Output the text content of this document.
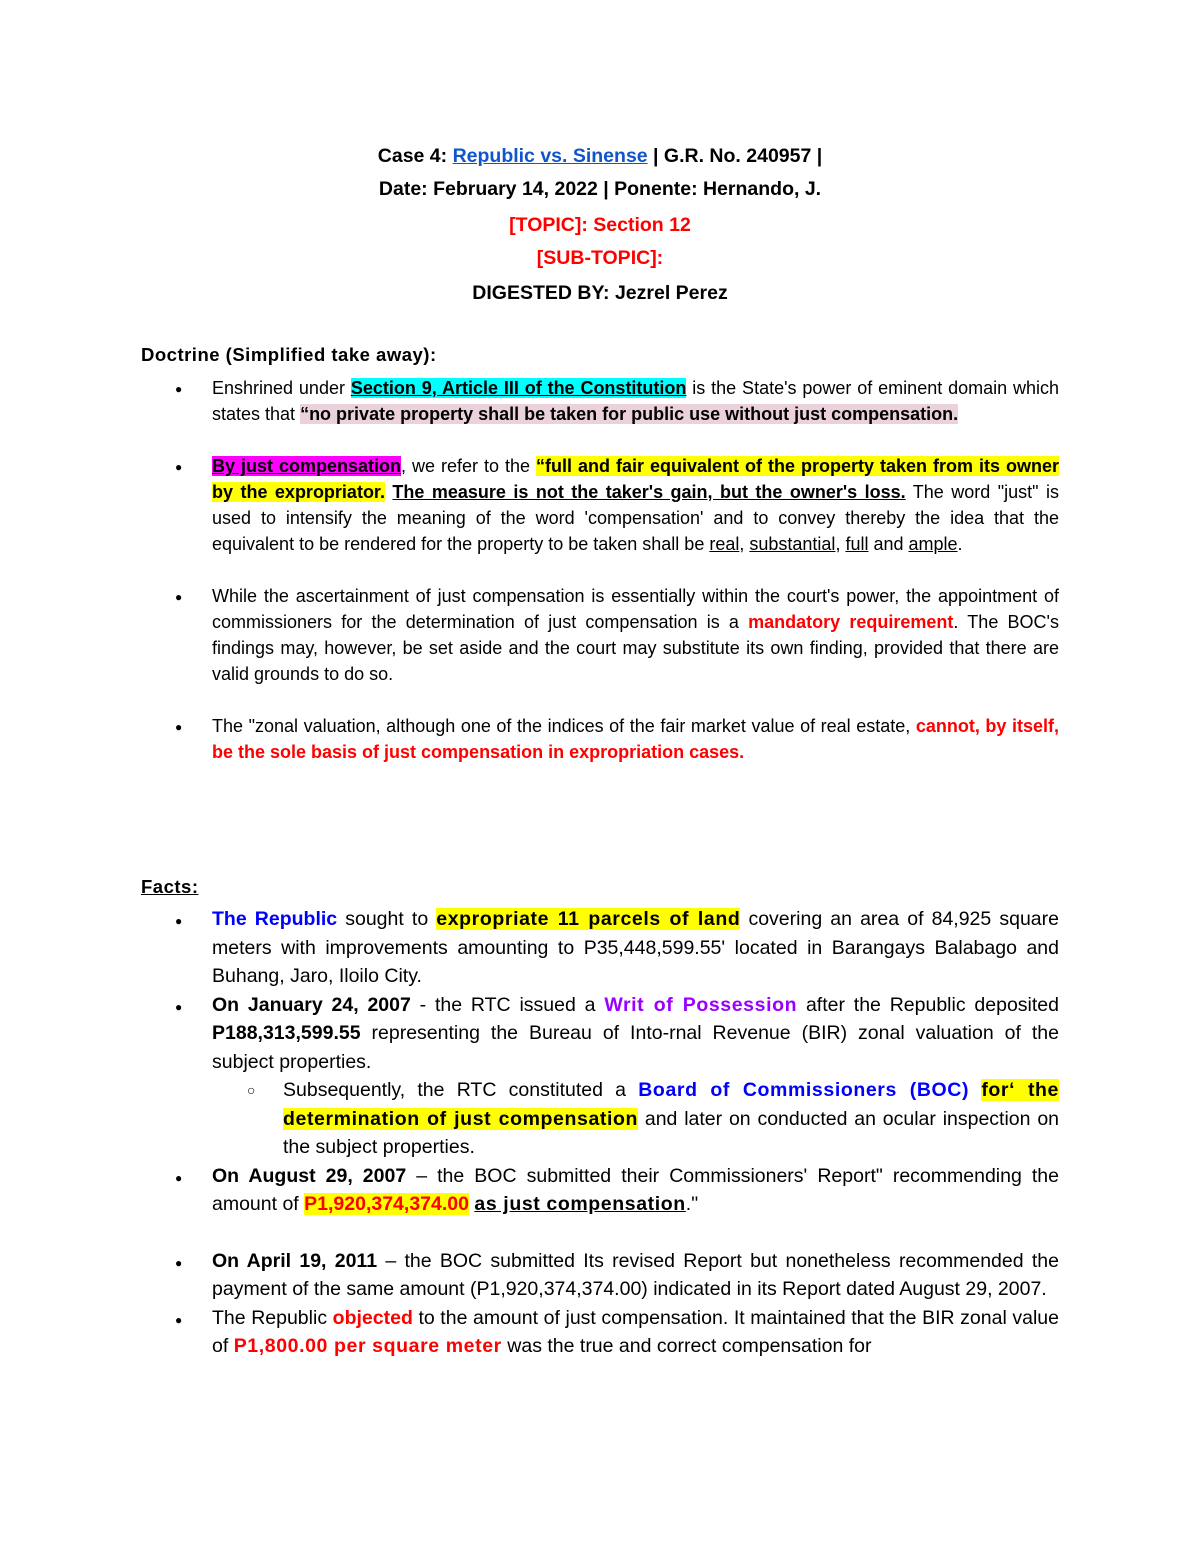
Case 4: Republic vs. Sinense | G.R. No. 240957 |
Date: February 14, 2022 | Ponente: Hernando, J.
[TOPIC]: Section 12
[SUB-TOPIC]:
DIGESTED BY: Jezrel Perez
Doctrine (Simplified take away):
● Enshrined under Section 9, Article III of the Constitution is the State's power of eminent domain which states that “no private property shall be taken for public use without just compensation.
● By just compensation, we refer to the “full and fair equivalent of the property taken from its owner by the expropriator. The measure is not the taker's gain, but the owner's loss. The word "just" is used to intensify the meaning of the word 'compensation' and to convey thereby the idea that the equivalent to be rendered for the property to be taken shall be real, substantial, full and ample.
● While the ascertainment of just compensation is essentially within the court's power, the appointment of commissioners for the determination of just compensation is a mandatory requirement. The BOC's findings may, however, be set aside and the court may substitute its own finding, provided that there are valid grounds to do so.
● The "zonal valuation, although one of the indices of the fair market value of real estate, cannot, by itself, be the sole basis of just compensation in expropriation cases.
Facts:
● The Republic sought to expropriate 11 parcels of land covering an area of 84,925 square meters with improvements amounting to P35,448,599.55' located in Barangays Balabago and Buhang, Jaro, Iloilo City.
● On January 24, 2007 - the RTC issued a Writ of Possession after the Republic deposited P188,313,599.55 representing the Bureau of Into-rnal Revenue (BIR) zonal valuation of the subject properties.
○ Subsequently, the RTC constituted a Board of Commissioners (BOC) for‘ the determination of just compensation and later on conducted an ocular inspection on the subject properties.
● On August 29, 2007 – the BOC submitted their Commissioners' Report" recommending the amount of P1,920,374,374.00 as just compensation."
● On April 19, 2011 – the BOC submitted Its revised Report but nonetheless recommended the payment of the same amount (P1,920,374,374.00) indicated in its Report dated August 29, 2007.
● The Republic objected to the amount of just compensation. It maintained that the BIR zonal value of P1,800.00 per square meter was the true and correct compensation for
